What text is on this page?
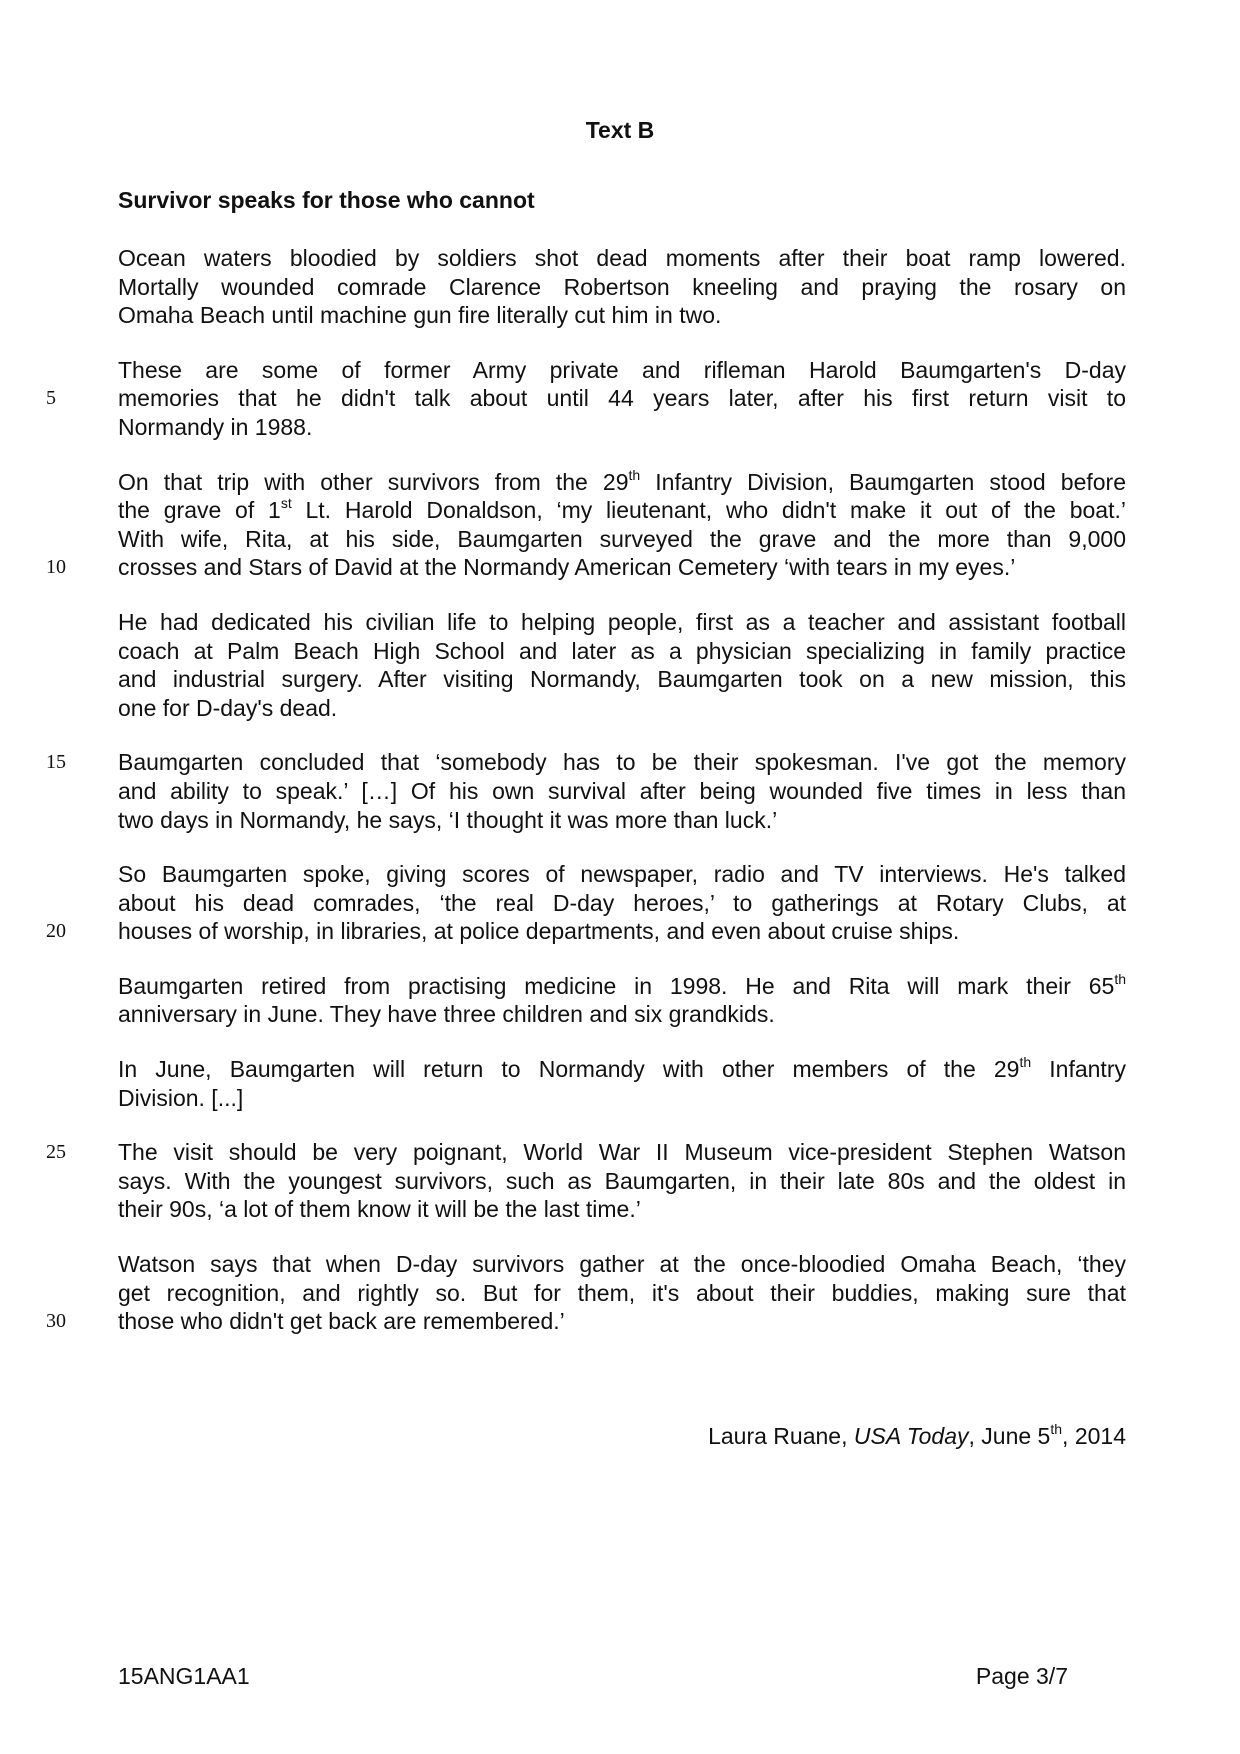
Text B
Survivor speaks for those who cannot
Ocean waters bloodied by soldiers shot dead moments after their boat ramp lowered.
Mortally wounded comrade Clarence Robertson kneeling and praying the rosary on
Omaha Beach until machine gun fire literally cut him in two.
These are some of former Army private and rifleman Harold Baumgarten's D-day
5	memories that he didn't talk about until 44 years later, after his first return visit to
Normandy in 1988.
On that trip with other survivors from the 29th Infantry Division, Baumgarten stood before
the grave of 1st Lt. Harold Donaldson, ‘my lieutenant, who didn't make it out of the boat.’
With wife, Rita, at his side, Baumgarten surveyed the grave and the more than 9,000
10	crosses and Stars of David at the Normandy American Cemetery ‘with tears in my eyes.’
He had dedicated his civilian life to helping people, first as a teacher and assistant football
coach at Palm Beach High School and later as a physician specializing in family practice
and industrial surgery. After visiting Normandy, Baumgarten took on a new mission, this
one for D-day's dead.
15	Baumgarten concluded that ‘somebody has to be their spokesman. I've got the memory
and ability to speak.’ […] Of his own survival after being wounded five times in less than
two days in Normandy, he says, ‘I thought it was more than luck.’
So Baumgarten spoke, giving scores of newspaper, radio and TV interviews. He's talked
about his dead comrades, ‘the real D-day heroes,’ to gatherings at Rotary Clubs, at
20	houses of worship, in libraries, at police departments, and even about cruise ships.
Baumgarten retired from practising medicine in 1998. He and Rita will mark their 65th
anniversary in June. They have three children and six grandkids.
In June, Baumgarten will return to Normandy with other members of the 29th Infantry
Division. [...]
25	The visit should be very poignant, World War II Museum vice-president Stephen Watson
says. With the youngest survivors, such as Baumgarten, in their late 80s and the oldest in
their 90s, ‘a lot of them know it will be the last time.’
Watson says that when D-day survivors gather at the once-bloodied Omaha Beach, ‘they
get recognition, and rightly so. But for them, it's about their buddies, making sure that
30	those who didn't get back are remembered.’
Laura Ruane, USA Today, June 5th, 2014
15ANG1AA1	Page 3/7
